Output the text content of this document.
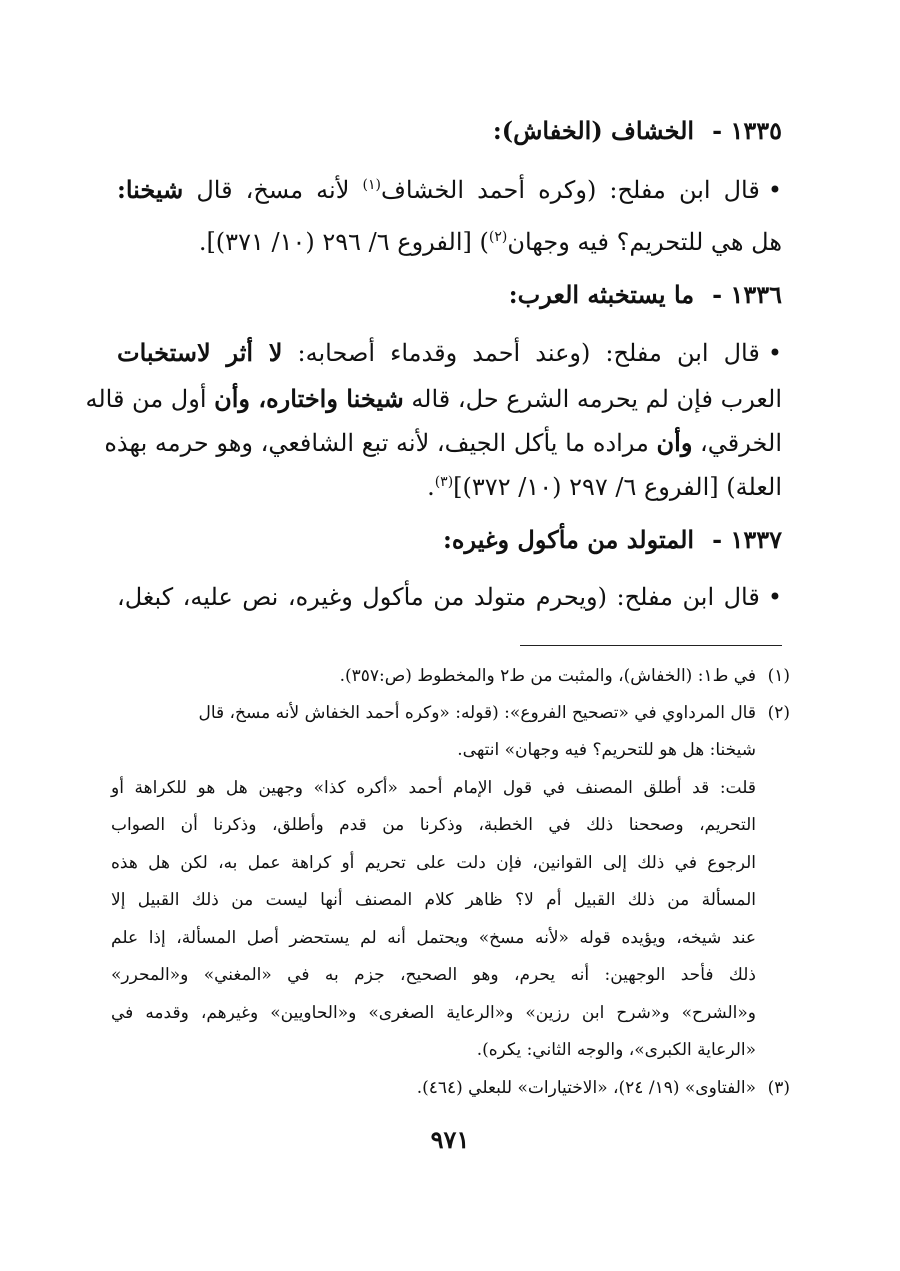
١٣٣٥ -الخشاف (الخفاش):
•قال ابن مفلح: (وكره أحمد الخشاف$^{(١)}$ لأنه مسخ، قال شيخنا:
هل هي للتحريم؟ فيه وجهان$^{(٢)}$) [الفروع ٦/ ٢٩٦ (١٠/ ٣٧١)].
١٣٣٦ -ما يستخبثه العرب:
•قال ابن مفلح: (وعند أحمد وقدماء أصحابه: لا أثر لاستخبات
العرب فإن لم يحرمه الشرع حل، قاله شيخنا واختاره، وأن أول من قاله
الخرقي، وأن مراده ما يأكل الجيف، لأنه تبع الشافعي، وهو حرمه بهذه
العلة) [الفروع ٦/ ٢٩٧ (١٠/ ٣٧٢)]$^{(٣)}$.
١٣٣٧ -المتولد من مأكول وغيره:
•قال ابن مفلح: (ويحرم متولد من مأكول وغيره، نص عليه، كبغل،
(١)في ط١: (الخفاش)، والمثبت من ط٢ والمخطوط (ص:٣٥٧).
(٢)قال المرداوي في «تصحيح الفروع»: (قوله: «وكره أحمد الخفاش لأنه مسخ، قال
شيخنا: هل هو للتحريم؟ فيه وجهان» انتهى.
قلت: قد أطلق المصنف في قول الإمام أحمد «أكره كذا» وجهين هل هو للكراهة أو
التحريم، وصححنا ذلك في الخطبة، وذكرنا من قدم وأطلق، وذكرنا أن الصواب
الرجوع في ذلك إلى القوانين، فإن دلت على تحريم أو كراهة عمل به، لكن هل هذه
المسألة من ذلك القبيل أم لا؟ ظاهر كلام المصنف أنها ليست من ذلك القبيل إلا
عند شيخه، ويؤيده قوله «لأنه مسخ» ويحتمل أنه لم يستحضر أصل المسألة، إذا علم
ذلك فأحد الوجهين: أنه يحرم، وهو الصحيح، جزم به في «المغني» و«المحرر»
و«الشرح» و«شرح ابن رزين» و«الرعاية الصغرى» و«الحاويين» وغيرهم، وقدمه في
«الرعاية الكبرى»، والوجه الثاني: يكره).
(٣)«الفتاوى» (١٩/ ٢٤)، «الاختيارات» للبعلي (٤٦٤).
٩٧١
